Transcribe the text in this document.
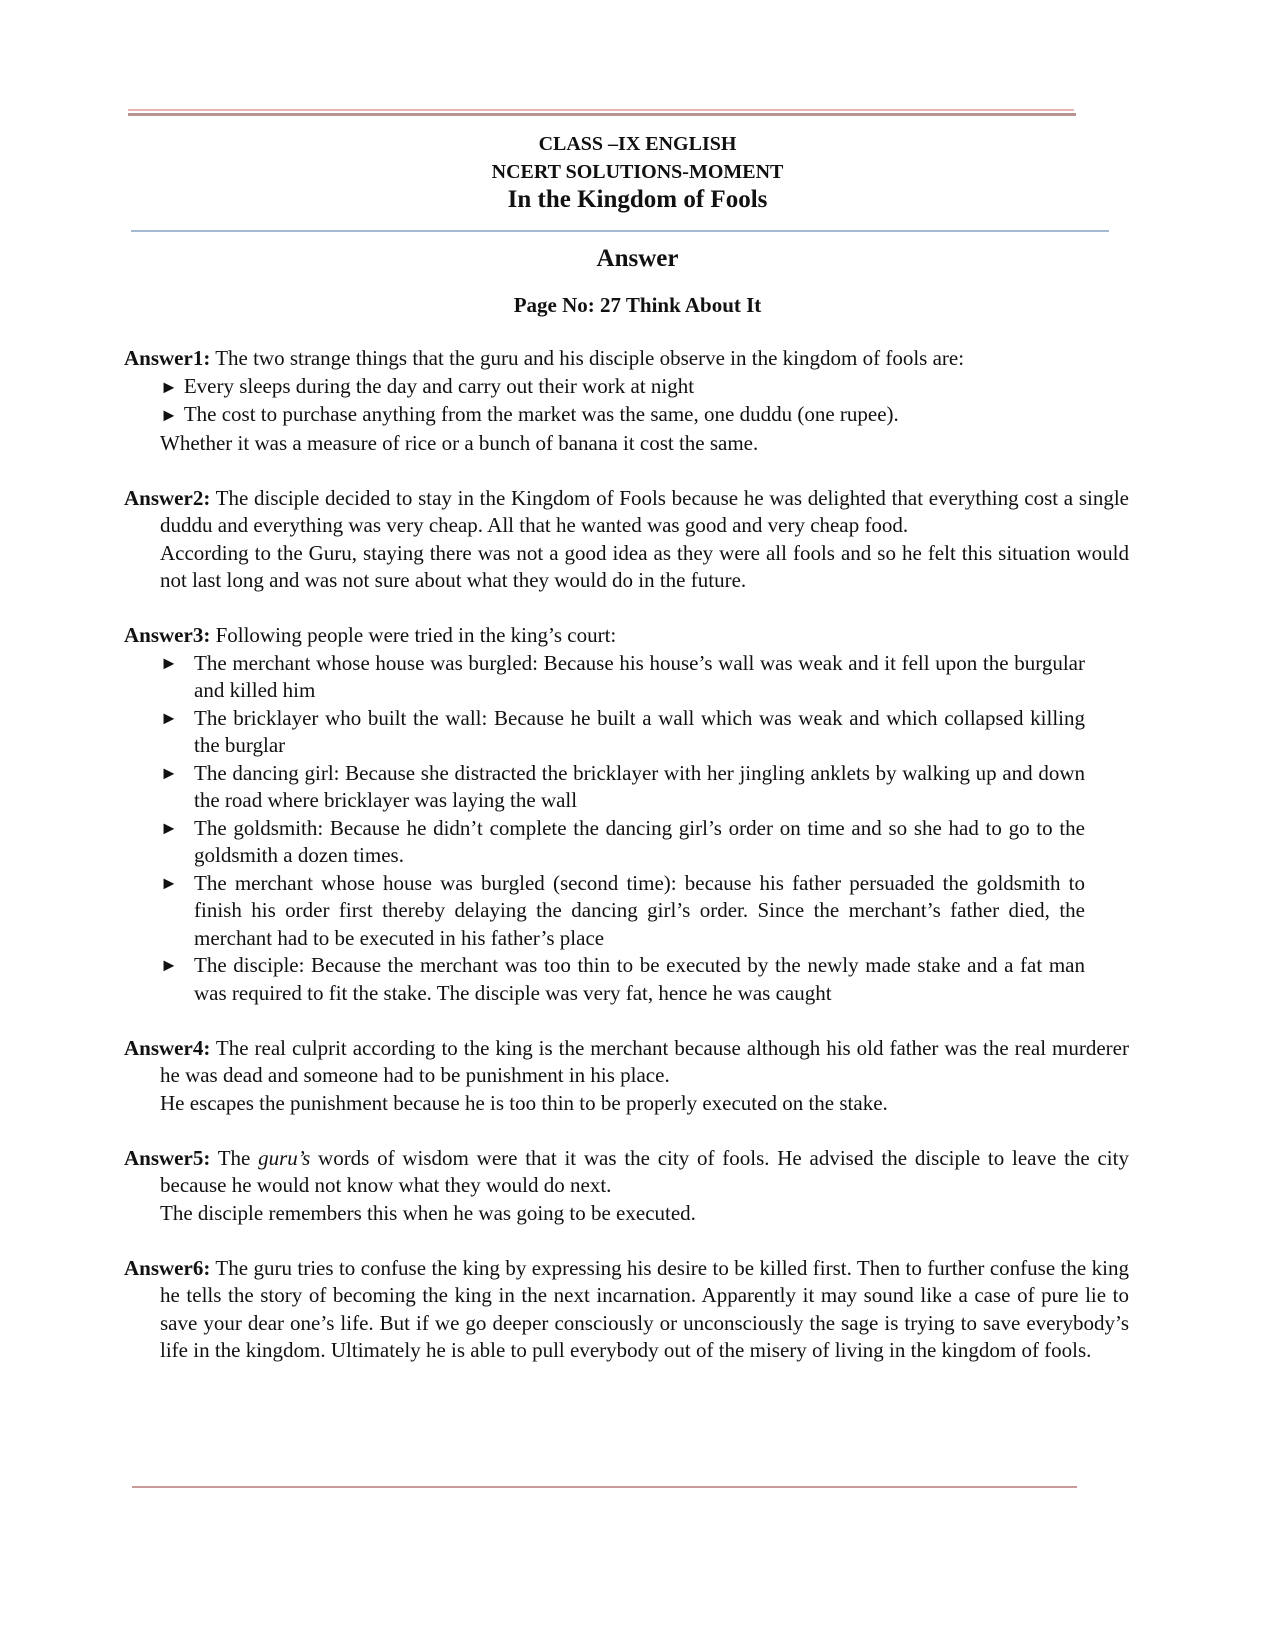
CLASS –IX ENGLISH
NCERT SOLUTIONS-MOMENT
In the Kingdom of Fools
Answer
Page No: 27 Think About It
Answer1: The two strange things that the guru and his disciple observe in the kingdom of fools are:
► Every sleeps during the day and carry out their work at night
► The cost to purchase anything from the market was the same, one duddu (one rupee).
Whether it was a measure of rice or a bunch of banana it cost the same.
Answer2: The disciple decided to stay in the Kingdom of Fools because he was delighted that everything cost a single duddu and everything was very cheap. All that he wanted was good and very cheap food.
According to the Guru, staying there was not a good idea as they were all fools and so he felt this situation would not last long and was not sure about what they would do in the future.
Answer3: Following people were tried in the king’s court:
► The merchant whose house was burgled: Because his house’s wall was weak and it fell upon the burgular and killed him
► The bricklayer who built the wall: Because he built a wall which was weak and which collapsed killing the burglar
► The dancing girl: Because she distracted the bricklayer with her jingling anklets by walking up and down the road where bricklayer was laying the wall
► The goldsmith: Because he didn’t complete the dancing girl’s order on time and so she had to go to the goldsmith a dozen times.
► The merchant whose house was burgled (second time): because his father persuaded the goldsmith to finish his order first thereby delaying the dancing girl’s order. Since the merchant’s father died, the merchant had to be executed in his father’s place
► The disciple: Because the merchant was too thin to be executed by the newly made stake and a fat man was required to fit the stake. The disciple was very fat, hence he was caught
Answer4: The real culprit according to the king is the merchant because although his old father was the real murderer he was dead and someone had to be punishment in his place.
He escapes the punishment because he is too thin to be properly executed on the stake.
Answer5: The guru’s words of wisdom were that it was the city of fools. He advised the disciple to leave the city because he would not know what they would do next.
The disciple remembers this when he was going to be executed.
Answer6: The guru tries to confuse the king by expressing his desire to be killed first. Then to further confuse the king he tells the story of becoming the king in the next incarnation. Apparently it may sound like a case of pure lie to save your dear one’s life. But if we go deeper consciously or unconsciously the sage is trying to save everybody’s life in the kingdom. Ultimately he is able to pull everybody out of the misery of living in the kingdom of fools.
